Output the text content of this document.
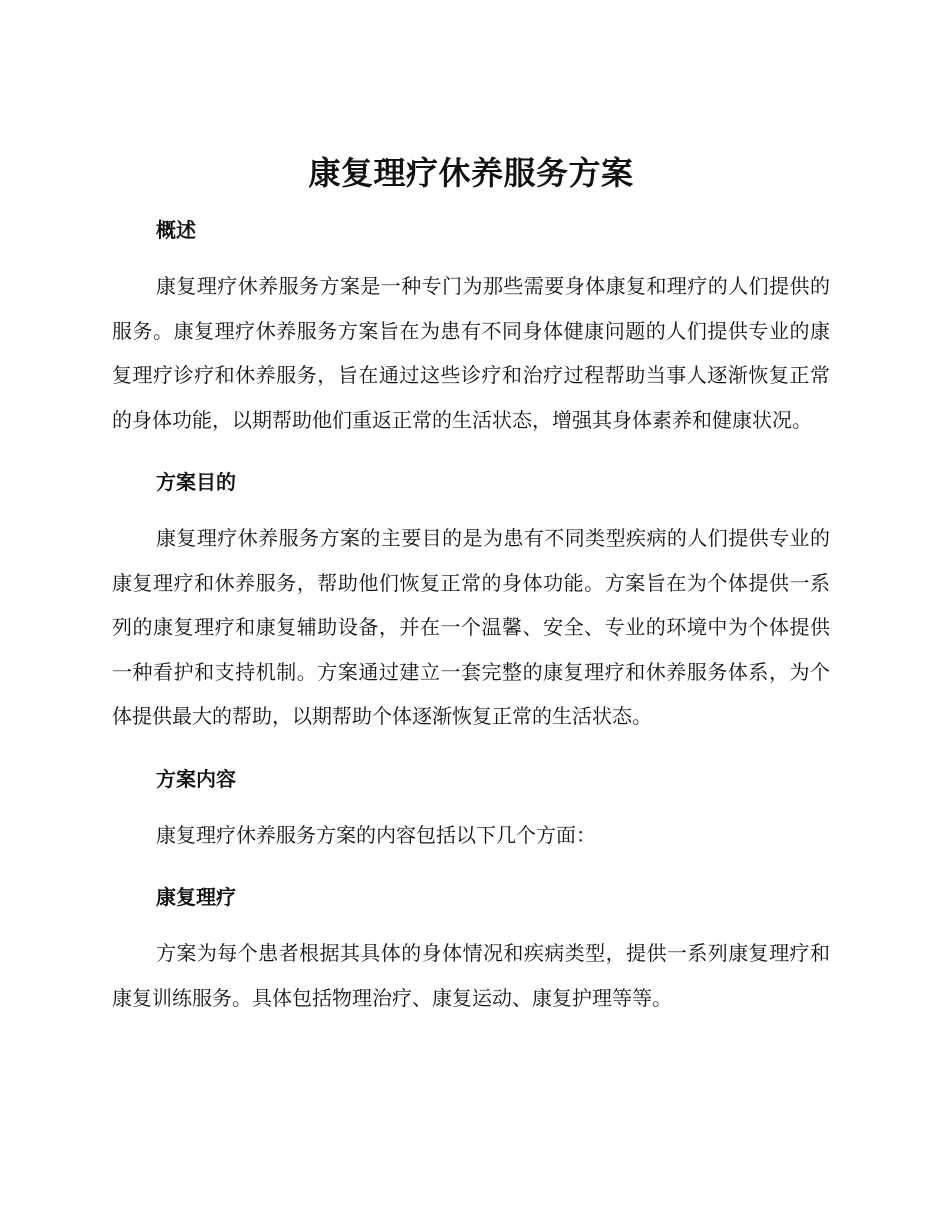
康复理疗休养服务方案
概述

康复理疗休养服务方案是一种专门为那些需要身体康复和理疗的人们提供的服务。康复理疗休养服务方案旨在为患有不同身体健康问题的人们提供专业的康复理疗诊疗和休养服务，旨在通过这些诊疗和治疗过程帮助当事人逐渐恢复正常的身体功能，以期帮助他们重返正常的生活状态，增强其身体素养和健康状况。

方案目的

康复理疗休养服务方案的主要目的是为患有不同类型疾病的人们提供专业的康复理疗和休养服务，帮助他们恢复正常的身体功能。方案旨在为个体提供一系列的康复理疗和康复辅助设备，并在一个温馨、安全、专业的环境中为个体提供一种看护和支持机制。方案通过建立一套完整的康复理疗和休养服务体系，为个体提供最大的帮助，以期帮助个体逐渐恢复正常的生活状态。

方案内容

康复理疗休养服务方案的内容包括以下几个方面：

康复理疗

方案为每个患者根据其具体的身体情况和疾病类型，提供一系列康复理疗和康复训练服务。具体包括物理治疗、康复运动、康复护理等等。
